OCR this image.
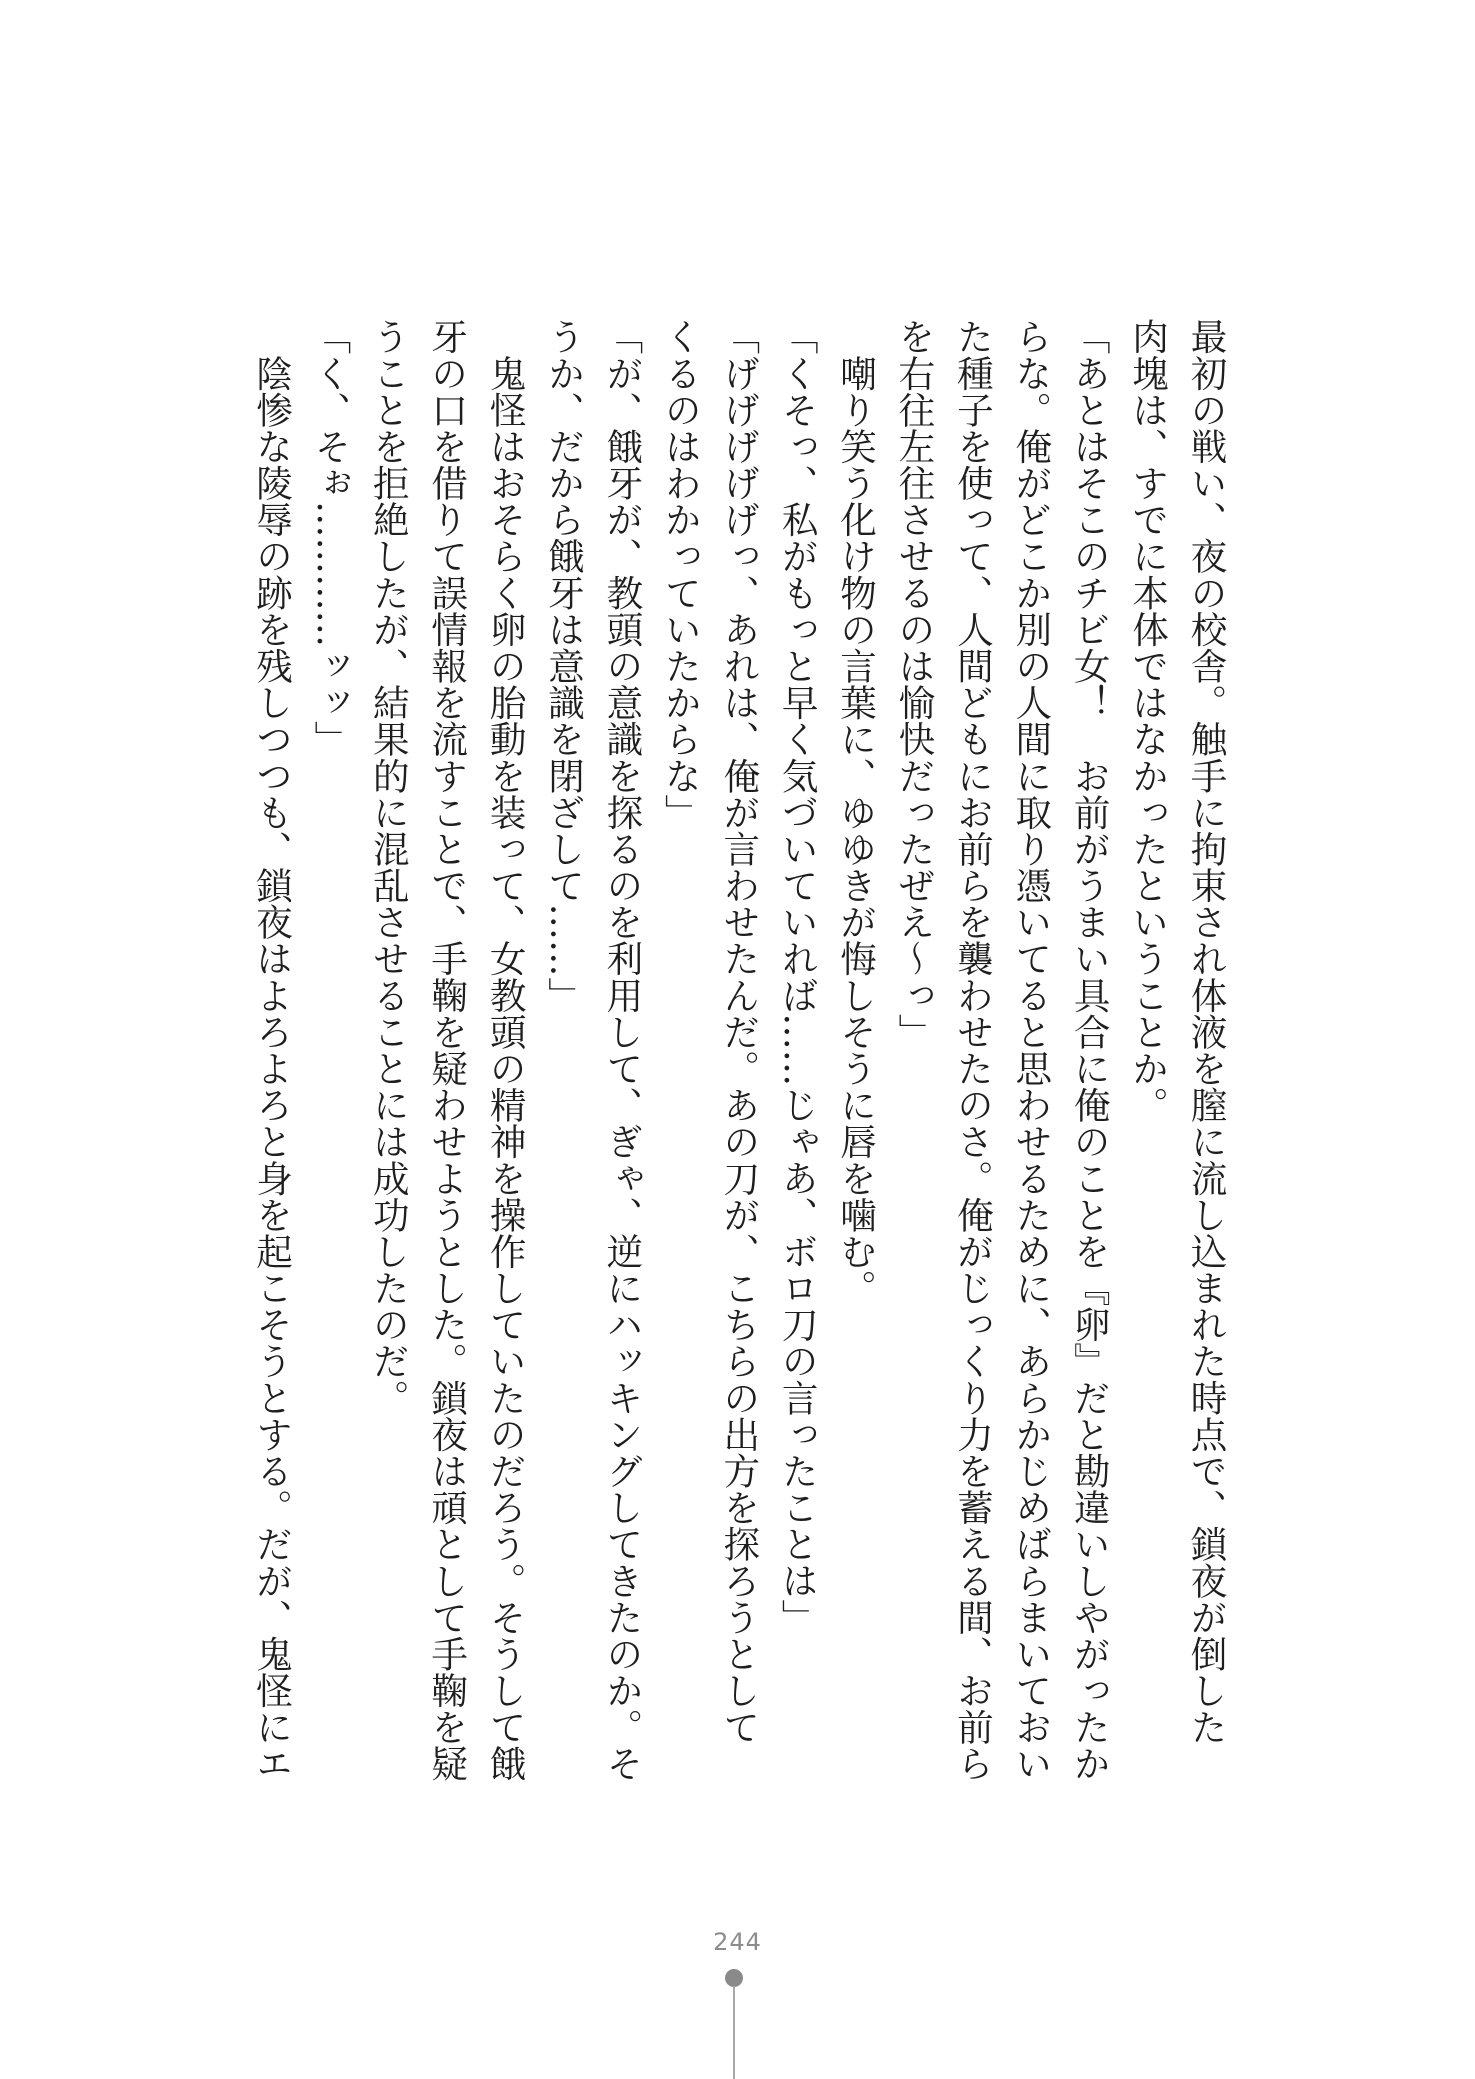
最初の戦い、夜の校舎。触手に拘束され体液を膣に流し込まれた時点で、鎖夜が倒した

肉塊は、すでに本体ではなかったということか。

「あとはそこのチビ女！　お前がうまい具合に俺のことを『卵』だと勘違いしやがったか

らな。俺がどこか別の人間に取り憑いてると思わせるために、あらかじめばらまいておい

た種子を使って、人間どもにお前らを襲わせたのさ。俺がじっくり力を蓄える間、お前ら

を右往左往させるのは愉快だったぜえ～っ」

　嘲り笑う化け物の言葉に、ゆゆきが悔しそうに唇を噛む。

「くそっ、私がもっと早く気づいていれば……じゃあ、ボロ刀の言ったことは」

「げげげげげっ、あれは、俺が言わせたんだ。あの刀が、こちらの出方を探ろうとして

くるのはわかっていたからな」

「が、餓牙が、教頭の意識を探るのを利用して、ぎゃ、逆にハッキングしてきたのか。そ

うか、だから餓牙は意識を閉ざして……」

　鬼怪はおそらく卵の胎動を装って、女教頭の精神を操作していたのだろう。そうして餓

牙の口を借りて誤情報を流すことで、手鞠を疑わせようとした。鎖夜は頑として手鞠を疑

うことを拒絶したが、結果的に混乱させることには成功したのだ。

「く、そぉ…………ッッ」

　陰惨な陵辱の跡を残しつつも、鎖夜はよろよろと身を起こそうとする。だが、鬼怪にエ

244
